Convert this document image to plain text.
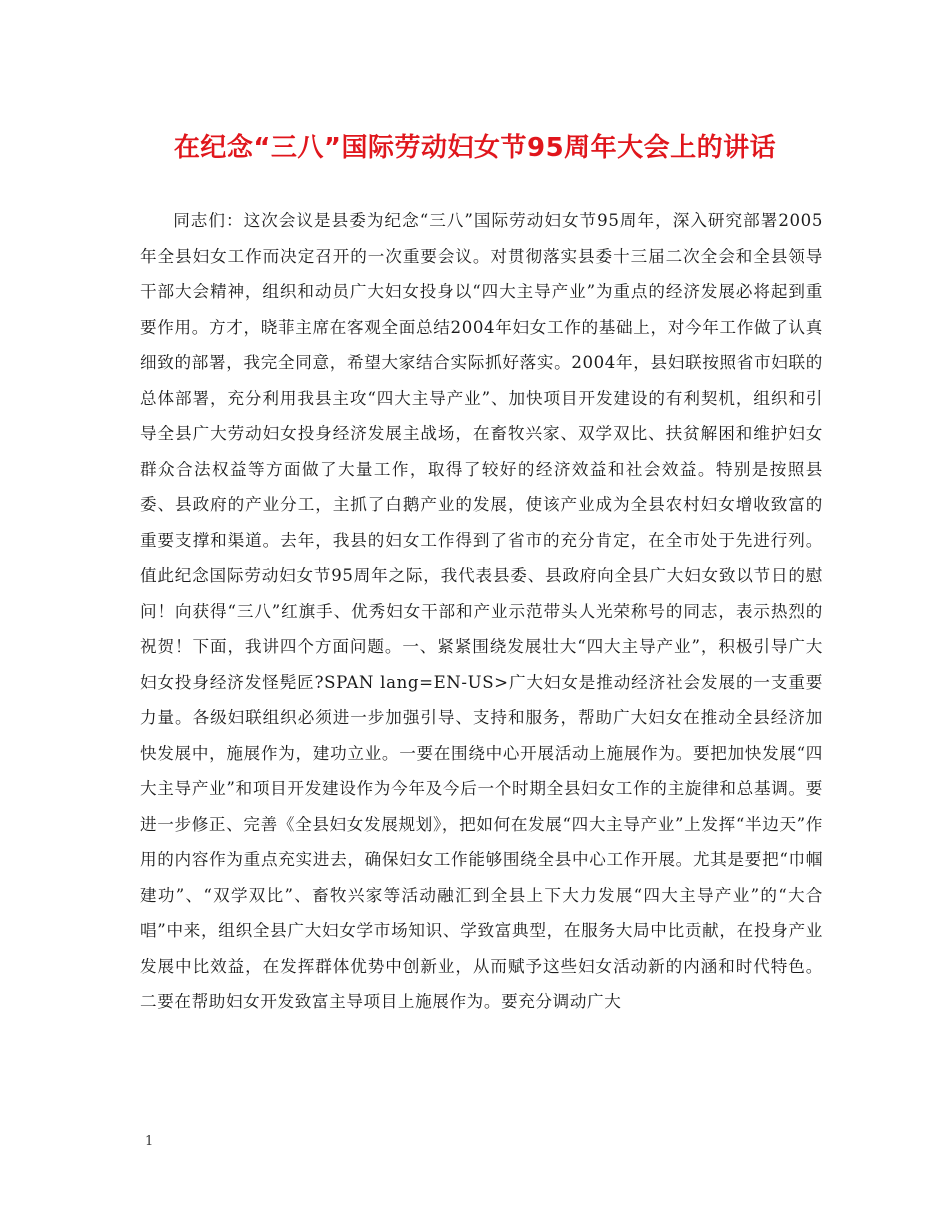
在纪念“三八”国际劳动妇女节95周年大会上的讲话

同志们：这次会议是县委为纪念“三八”国际劳动妇女节95周年，深入研究部署2005年全县妇女工作而决定召开的一次重要会议。对贯彻落实县委十三届二次全会和全县领导干部大会精神，组织和动员广大妇女投身以“四大主导产业”为重点的经济发展必将起到重要作用。方才，晓菲主席在客观全面总结2004年妇女工作的基础上，对今年工作做了认真细致的部署，我完全同意，希望大家结合实际抓好落实。2004年，县妇联按照省市妇联的总体部署，充分利用我县主攻“四大主导产业”、加快项目开发建设的有利契机，组织和引导全县广大劳动妇女投身经济发展主战场，在畜牧兴家、双学双比、扶贫解困和维护妇女群众合法权益等方面做了大量工作，取得了较好的经济效益和社会效益。特别是按照县委、县政府的产业分工，主抓了白鹅产业的发展，使该产业成为全县农村妇女增收致富的重要支撑和渠道。去年，我县的妇女工作得到了省市的充分肯定，在全市处于先进行列。值此纪念国际劳动妇女节95周年之际，我代表县委、县政府向全县广大妇女致以节日的慰问！向获得“三八”红旗手、优秀妇女干部和产业示范带头人光荣称号的同志，表示热烈的祝贺！下面，我讲四个方面问题。一、紧紧围绕发展壮大“四大主导产业”，积极引导广大妇女投身经济发怪髡匠?SPAN lang=EN-US>广大妇女是推动经济社会发展的一支重要力量。各级妇联组织必须进一步加强引导、支持和服务，帮助广大妇女在推动全县经济加快发展中，施展作为，建功立业。一要在围绕中心开展活动上施展作为。要把加快发展“四大主导产业”和项目开发建设作为今年及今后一个时期全县妇女工作的主旋律和总基调。要进一步修正、完善《全县妇女发展规划》，把如何在发展“四大主导产业”上发挥“半边天”作用的内容作为重点充实进去，确保妇女工作能够围绕全县中心工作开展。尤其是要把“巾帼建功”、“双学双比”、畜牧兴家等活动融汇到全县上下大力发展“四大主导产业”的“大合唱”中来，组织全县广大妇女学市场知识、学致富典型，在服务大局中比贡献，在投身产业发展中比效益，在发挥群体优势中创新业，从而赋予这些妇女活动新的内涵和时代特色。二要在帮助妇女开发致富主导项目上施展作为。要充分调动广大

1
